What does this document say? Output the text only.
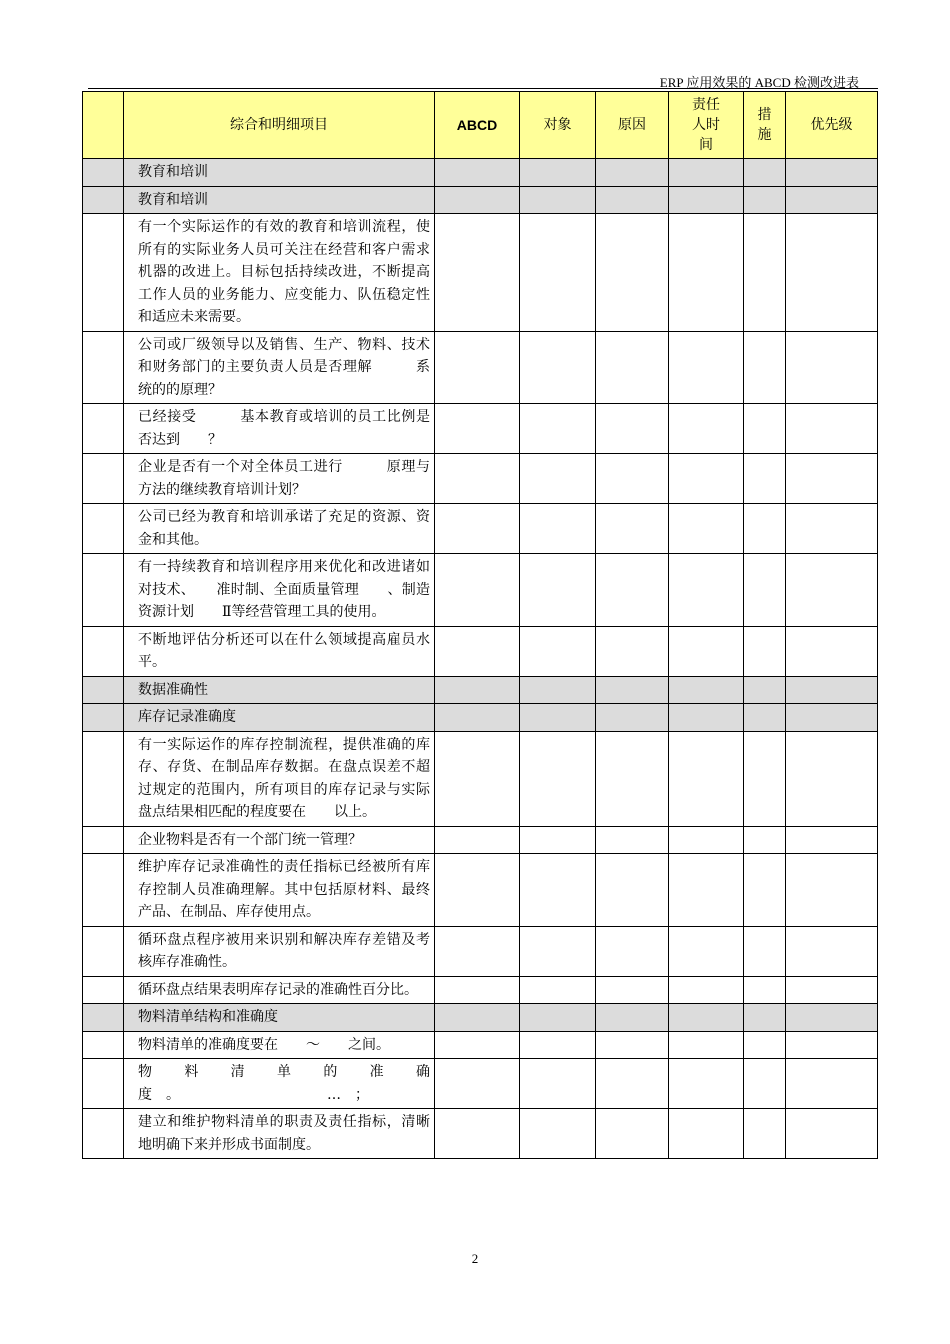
ERP 应用效果的 ABCD 检测改进表
	综合和明细项目	ABCD	对象	原因	责任人时间	措施	优先级
	教育和培训						
	教育和培训						
	有一个实际运作的有效的教育和培训流程，使所有的实际业务人员可关注在经营和客户需求机器的改进上。目标包括持续改进，不断提高工作人员的业务能力、应变能力、队伍稳定性和适应未来需要。						
	公司或厂级领导以及销售、生产、物料、技术和财务部门的主要负责人员是否理解　　　系统的的原理？						
	已经接受　　　基本教育或培训的员工比例是否达到　　？						
	企业是否有一个对全体员工进行　　　原理与方法的继续教育培训计划？						
	公司已经为教育和培训承诺了充足的资源、资金和其他。						
	有一持续教育和培训程序用来优化和改进诸如对技术、　　准时制、全面质量管理　　、制造资源计划　　Ⅱ等经营管理工具的使用。						
	不断地评估分析还可以在什么领域提高雇员水平。						
	数据准确性						
	库存记录准确度						
	有一实际运作的库存控制流程，提供准确的库存、存货、在制品库存数据。在盘点误差不超过规定的范围内，所有项目的库存记录与实际盘点结果相匹配的程度要在　　以上。						
	企业物料是否有一个部门统一管理？						
	维护库存记录准确性的责任指标已经被所有库存控制人员准确理解。其中包括原材料、最终产品、在制品、库存使用点。						
	循环盘点程序被用来识别和解决库存差错及考核库存准确性。						
	循环盘点结果表明库存记录的准确性百分比。						
	物料清单结构和准确度						
	物料清单的准确度要在　　～　　之间。						
	物　料　清　单　的　准　确　度　。　　　　　　　　　　　…　；						
	建立和维护物料清单的职责及责任指标，清晰地明确下来并形成书面制度。						
2
